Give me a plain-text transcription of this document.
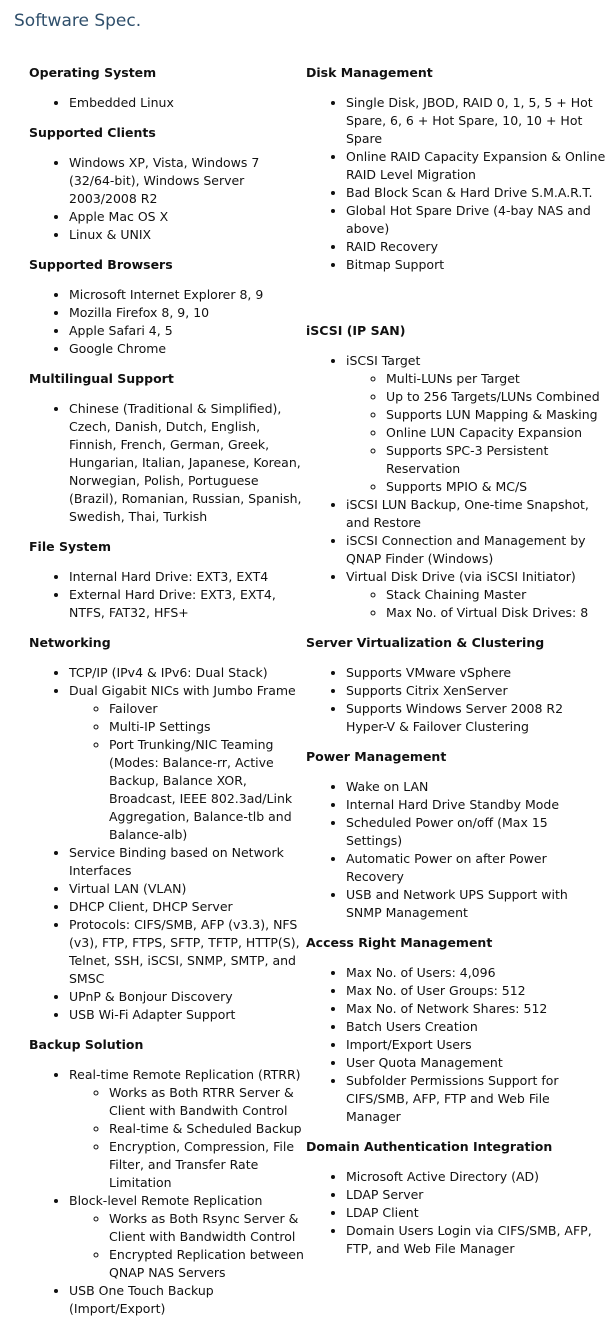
Software Spec.
Operating System
• Embedded Linux
Supported Clients
• Windows XP, Vista, Windows 7 (32/64-bit), Windows Server 2003/2008 R2
• Apple Mac OS X
• Linux & UNIX
Supported Browsers
• Microsoft Internet Explorer 8, 9
• Mozilla Firefox 8, 9, 10
• Apple Safari 4, 5
• Google Chrome
Multilingual Support
• Chinese (Traditional & Simplified), Czech, Danish, Dutch, English, Finnish, French, German, Greek, Hungarian, Italian, Japanese, Korean, Norwegian, Polish, Portuguese (Brazil), Romanian, Russian, Spanish, Swedish, Thai, Turkish
File System
• Internal Hard Drive: EXT3, EXT4
• External Hard Drive: EXT3, EXT4, NTFS, FAT32, HFS+
Networking
• TCP/IP (IPv4 & IPv6: Dual Stack)
• Dual Gigabit NICs with Jumbo Frame
◦ Failover
◦ Multi-IP Settings
◦ Port Trunking/NIC Teaming (Modes: Balance-rr, Active Backup, Balance XOR, Broadcast, IEEE 802.3ad/Link Aggregation, Balance-tlb and Balance-alb)
• Service Binding based on Network Interfaces
• Virtual LAN (VLAN)
• DHCP Client, DHCP Server
• Protocols: CIFS/SMB, AFP (v3.3), NFS (v3), FTP, FTPS, SFTP, TFTP, HTTP(S), Telnet, SSH, iSCSI, SNMP, SMTP, and SMSC
• UPnP & Bonjour Discovery
• USB Wi-Fi Adapter Support
Backup Solution
• Real-time Remote Replication (RTRR)
◦ Works as Both RTRR Server & Client with Bandwith Control
◦ Real-time & Scheduled Backup
◦ Encryption, Compression, File Filter, and Transfer Rate Limitation
• Block-level Remote Replication
◦ Works as Both Rsync Server & Client with Bandwidth Control
◦ Encrypted Replication between QNAP NAS Servers
• USB One Touch Backup (Import/Export)
Disk Management
• Single Disk, JBOD, RAID 0, 1, 5, 5 + Hot Spare, 6, 6 + Hot Spare, 10, 10 + Hot Spare
• Online RAID Capacity Expansion & Online RAID Level Migration
• Bad Block Scan & Hard Drive S.M.A.R.T.
• Global Hot Spare Drive (4-bay NAS and above)
• RAID Recovery
• Bitmap Support
iSCSI (IP SAN)
• iSCSI Target
◦ Multi-LUNs per Target
◦ Up to 256 Targets/LUNs Combined
◦ Supports LUN Mapping & Masking
◦ Online LUN Capacity Expansion
◦ Supports SPC-3 Persistent Reservation
◦ Supports MPIO & MC/S
• iSCSI LUN Backup, One-time Snapshot, and Restore
• iSCSI Connection and Management by QNAP Finder (Windows)
• Virtual Disk Drive (via iSCSI Initiator)
◦ Stack Chaining Master
◦ Max No. of Virtual Disk Drives: 8
Server Virtualization & Clustering
• Supports VMware vSphere
• Supports Citrix XenServer
• Supports Windows Server 2008 R2 Hyper-V & Failover Clustering
Power Management
• Wake on LAN
• Internal Hard Drive Standby Mode
• Scheduled Power on/off (Max 15 Settings)
• Automatic Power on after Power Recovery
• USB and Network UPS Support with SNMP Management
Access Right Management
• Max No. of Users: 4,096
• Max No. of User Groups: 512
• Max No. of Network Shares: 512
• Batch Users Creation
• Import/Export Users
• User Quota Management
• Subfolder Permissions Support for CIFS/SMB, AFP, FTP and Web File Manager
Domain Authentication Integration
• Microsoft Active Directory (AD)
• LDAP Server
• LDAP Client
• Domain Users Login via CIFS/SMB, AFP, FTP, and Web File Manager
